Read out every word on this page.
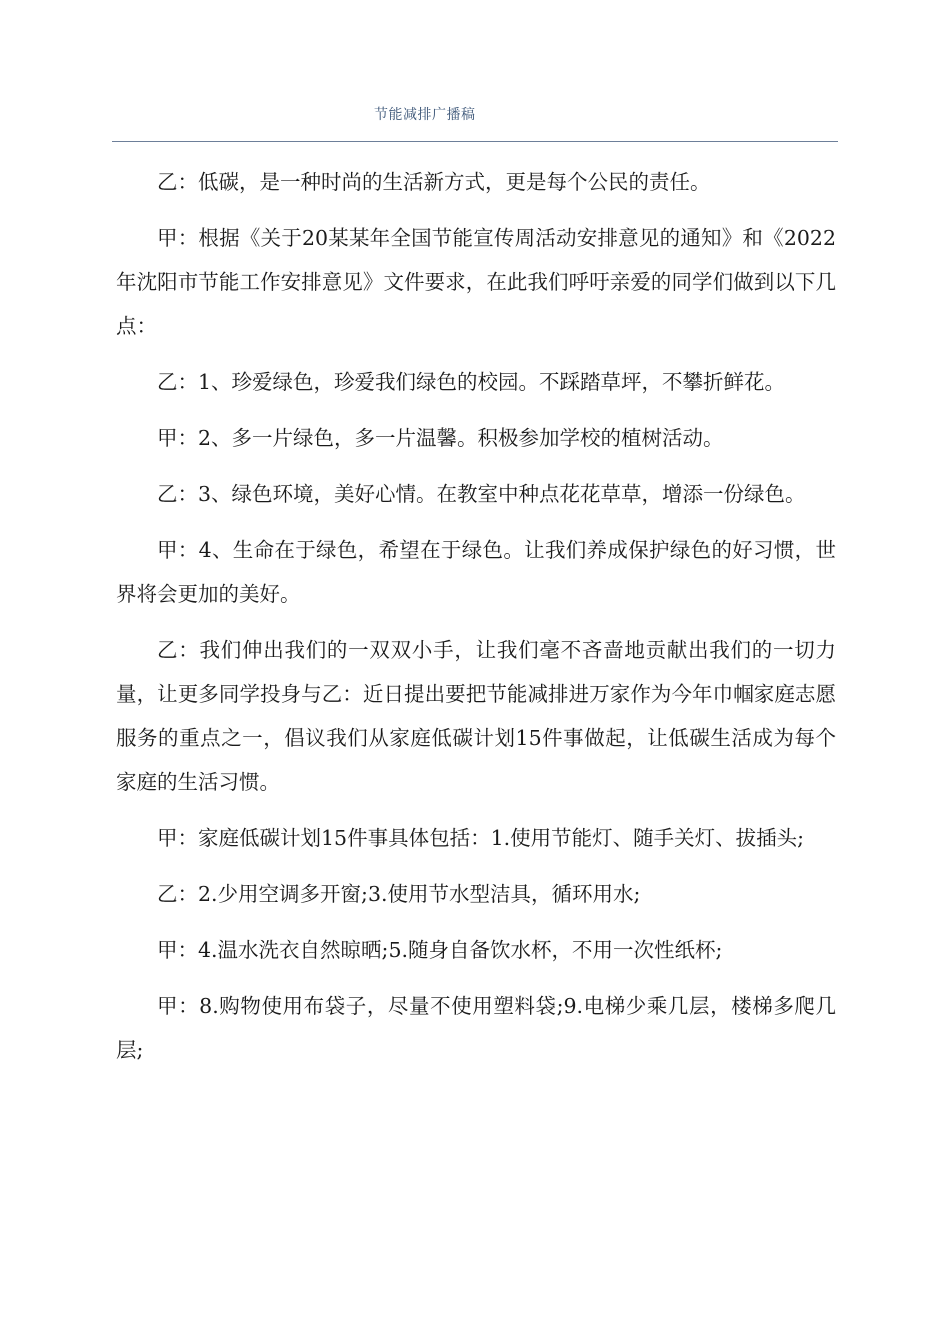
节能减排广播稿

乙：低碳，是一种时尚的生活新方式，更是每个公民的责任。

甲：根据《关于20某某年全国节能宣传周活动安排意见的通知》和《2022年沈阳市节能工作安排意见》文件要求，在此我们呼吁亲爱的同学们做到以下几点：

乙：1、珍爱绿色，珍爱我们绿色的校园。不踩踏草坪，不攀折鲜花。

甲：2、多一片绿色，多一片温馨。积极参加学校的植树活动。

乙：3、绿色环境，美好心情。在教室中种点花花草草，增添一份绿色。

甲：4、生命在于绿色，希望在于绿色。让我们养成保护绿色的好习惯，世界将会更加的美好。

乙：我们伸出我们的一双双小手，让我们毫不吝啬地贡献出我们的一切力量，让更多同学投身与乙：近日提出要把节能减排进万家作为今年巾帼家庭志愿服务的重点之一，倡议我们从家庭低碳计划15件事做起，让低碳生活成为每个家庭的生活习惯。

甲：家庭低碳计划15件事具体包括：1.使用节能灯、随手关灯、拔插头;

乙：2.少用空调多开窗;3.使用节水型洁具，循环用水;

甲：4.温水洗衣自然晾晒;5.随身自备饮水杯，不用一次性纸杯;

甲：8.购物使用布袋子，尽量不使用塑料袋;9.电梯少乘几层，楼梯多爬几层;
